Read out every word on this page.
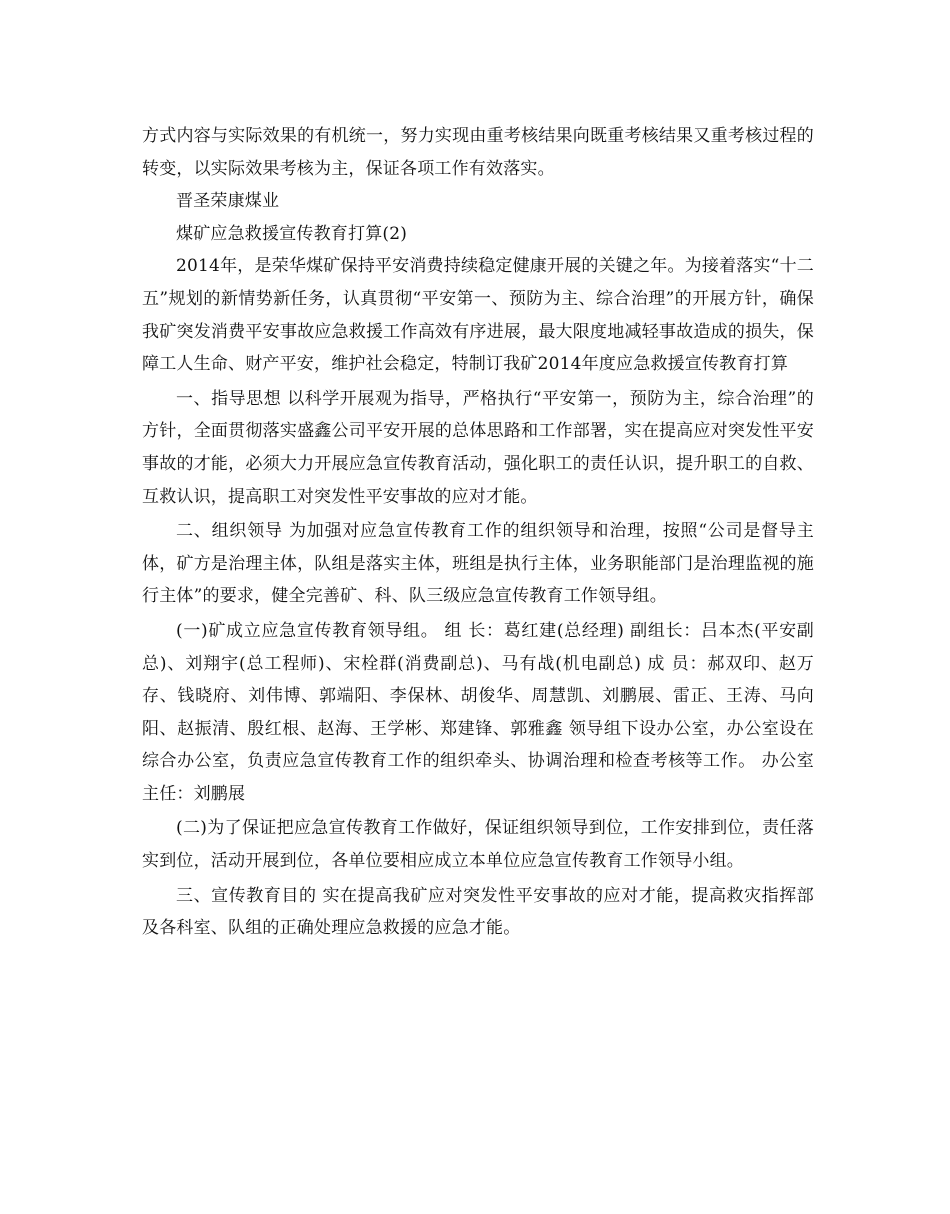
方式内容与实际效果的有机统一，努力实现由重考核结果向既重考核结果又重考核过程的转变，以实际效果考核为主，保证各项工作有效落实。

晋圣荣康煤业

煤矿应急救援宣传教育打算(2)

2014年，是荣华煤矿保持平安消费持续稳定健康开展的关键之年。为接着落实“十二五”规划的新情势新任务，认真贯彻“平安第一、预防为主、综合治理”的开展方针，确保我矿突发消费平安事故应急救援工作高效有序进展，最大限度地减轻事故造成的损失，保障工人生命、财产平安，维护社会稳定，特制订我矿2014年度应急救援宣传教育打算

一、指导思想 以科学开展观为指导，严格执行“平安第一，预防为主，综合治理”的方针，全面贯彻落实盛鑫公司平安开展的总体思路和工作部署，实在提高应对突发性平安事故的才能，必须大力开展应急宣传教育活动，强化职工的责任认识，提升职工的自救、互救认识，提高职工对突发性平安事故的应对才能。

二、组织领导 为加强对应急宣传教育工作的组织领导和治理，按照“公司是督导主体，矿方是治理主体，队组是落实主体，班组是执行主体，业务职能部门是治理监视的施行主体”的要求，健全完善矿、科、队三级应急宣传教育工作领导组。

(一)矿成立应急宣传教育领导组。 组 长：葛红建(总经理) 副组长：吕本杰(平安副总)、刘翔宇(总工程师)、宋栓群(消费副总)、马有战(机电副总) 成 员：郝双印、赵万存、钱晓府、刘伟博、郭端阳、李保林、胡俊华、周慧凯、刘鹏展、雷正、王涛、马向阳、赵振清、殷红根、赵海、王学彬、郑建锋、郭雅鑫 领导组下设办公室，办公室设在综合办公室，负责应急宣传教育工作的组织牵头、协调治理和检查考核等工作。 办公室主任：刘鹏展

(二)为了保证把应急宣传教育工作做好，保证组织领导到位，工作安排到位，责任落实到位，活动开展到位，各单位要相应成立本单位应急宣传教育工作领导小组。

三、宣传教育目的 实在提高我矿应对突发性平安事故的应对才能，提高救灾指挥部及各科室、队组的正确处理应急救援的应急才能。
